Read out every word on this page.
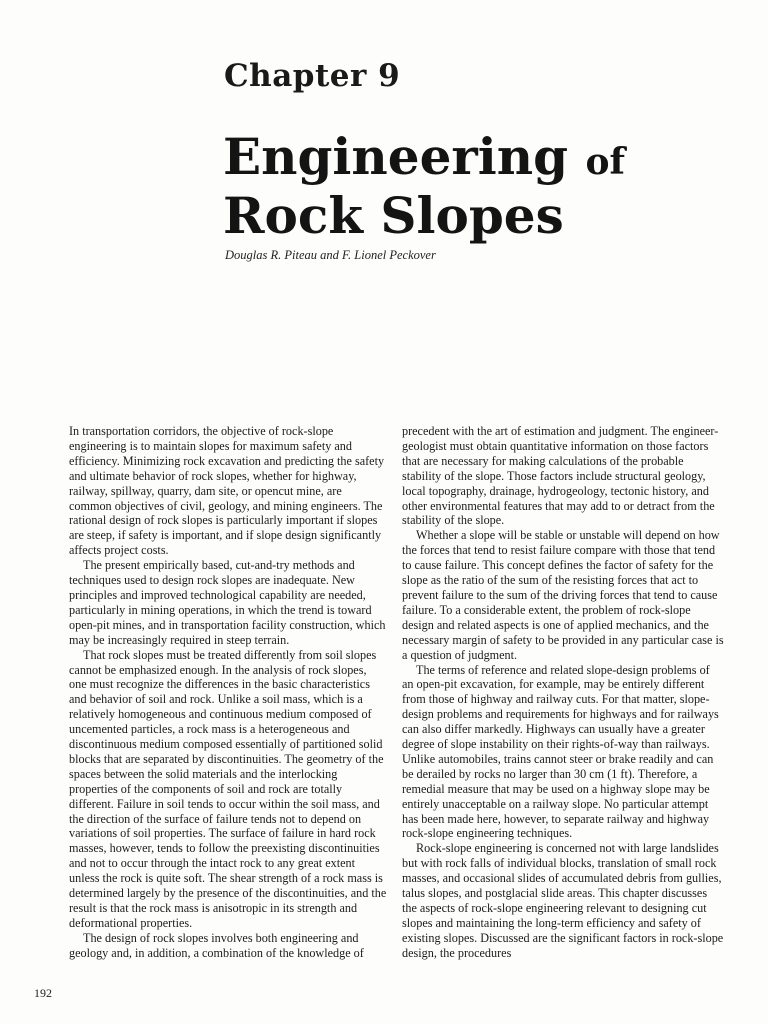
Chapter 9
Engineering of
Rock Slopes
Douglas R. Piteau and F. Lionel Peckover

In transportation corridors, the objective of rock-slope engineering is to maintain slopes for maximum safety and efficiency. Minimizing rock excavation and predicting the safety and ultimate behavior of rock slopes, whether for highway, railway, spillway, quarry, dam site, or opencut mine, are common objectives of civil, geology, and mining engineers. The rational design of rock slopes is particularly important if slopes are steep, if safety is important, and if slope design significantly affects project costs.

The present empirically based, cut-and-try methods and techniques used to design rock slopes are inadequate. New principles and improved technological capability are needed, particularly in mining operations, in which the trend is toward open-pit mines, and in transportation facility construction, which may be increasingly required in steep terrain.

That rock slopes must be treated differently from soil slopes cannot be emphasized enough. In the analysis of rock slopes, one must recognize the differences in the basic characteristics and behavior of soil and rock. Unlike a soil mass, which is a relatively homogeneous and continuous medium composed of uncemented particles, a rock mass is a heterogeneous and discontinuous medium composed essentially of partitioned solid blocks that are separated by discontinuities. The geometry of the spaces between the solid materials and the interlocking properties of the components of soil and rock are totally different. Failure in soil tends to occur within the soil mass, and the direction of the surface of failure tends not to depend on variations of soil properties. The surface of failure in hard rock masses, however, tends to follow the preexisting discontinuities and not to occur through the intact rock to any great extent unless the rock is quite soft. The shear strength of a rock mass is determined largely by the presence of the discontinuities, and the result is that the rock mass is anisotropic in its strength and deformational properties.

The design of rock slopes involves both engineering and geology and, in addition, a combination of the knowledge of

precedent with the art of estimation and judgment. The engineer-geologist must obtain quantitative information on those factors that are necessary for making calculations of the probable stability of the slope. Those factors include structural geology, local topography, drainage, hydrogeology, tectonic history, and other environmental features that may add to or detract from the stability of the slope.

Whether a slope will be stable or unstable will depend on how the forces that tend to resist failure compare with those that tend to cause failure. This concept defines the factor of safety for the slope as the ratio of the sum of the resisting forces that act to prevent failure to the sum of the driving forces that tend to cause failure. To a considerable extent, the problem of rock-slope design and related aspects is one of applied mechanics, and the necessary margin of safety to be provided in any particular case is a question of judgment.

The terms of reference and related slope-design problems of an open-pit excavation, for example, may be entirely different from those of highway and railway cuts. For that matter, slope-design problems and requirements for highways and for railways can also differ markedly. Highways can usually have a greater degree of slope instability on their rights-of-way than railways. Unlike automobiles, trains cannot steer or brake readily and can be derailed by rocks no larger than 30 cm (1 ft). Therefore, a remedial measure that may be used on a highway slope may be entirely unacceptable on a railway slope. No particular attempt has been made here, however, to separate railway and highway rock-slope engineering techniques.

Rock-slope engineering is concerned not with large landslides but with rock falls of individual blocks, translation of small rock masses, and occasional slides of accumulated debris from gullies, talus slopes, and postglacial slide areas. This chapter discusses the aspects of rock-slope engineering relevant to designing cut slopes and maintaining the long-term efficiency and safety of existing slopes. Discussed are the significant factors in rock-slope design, the procedures

192
